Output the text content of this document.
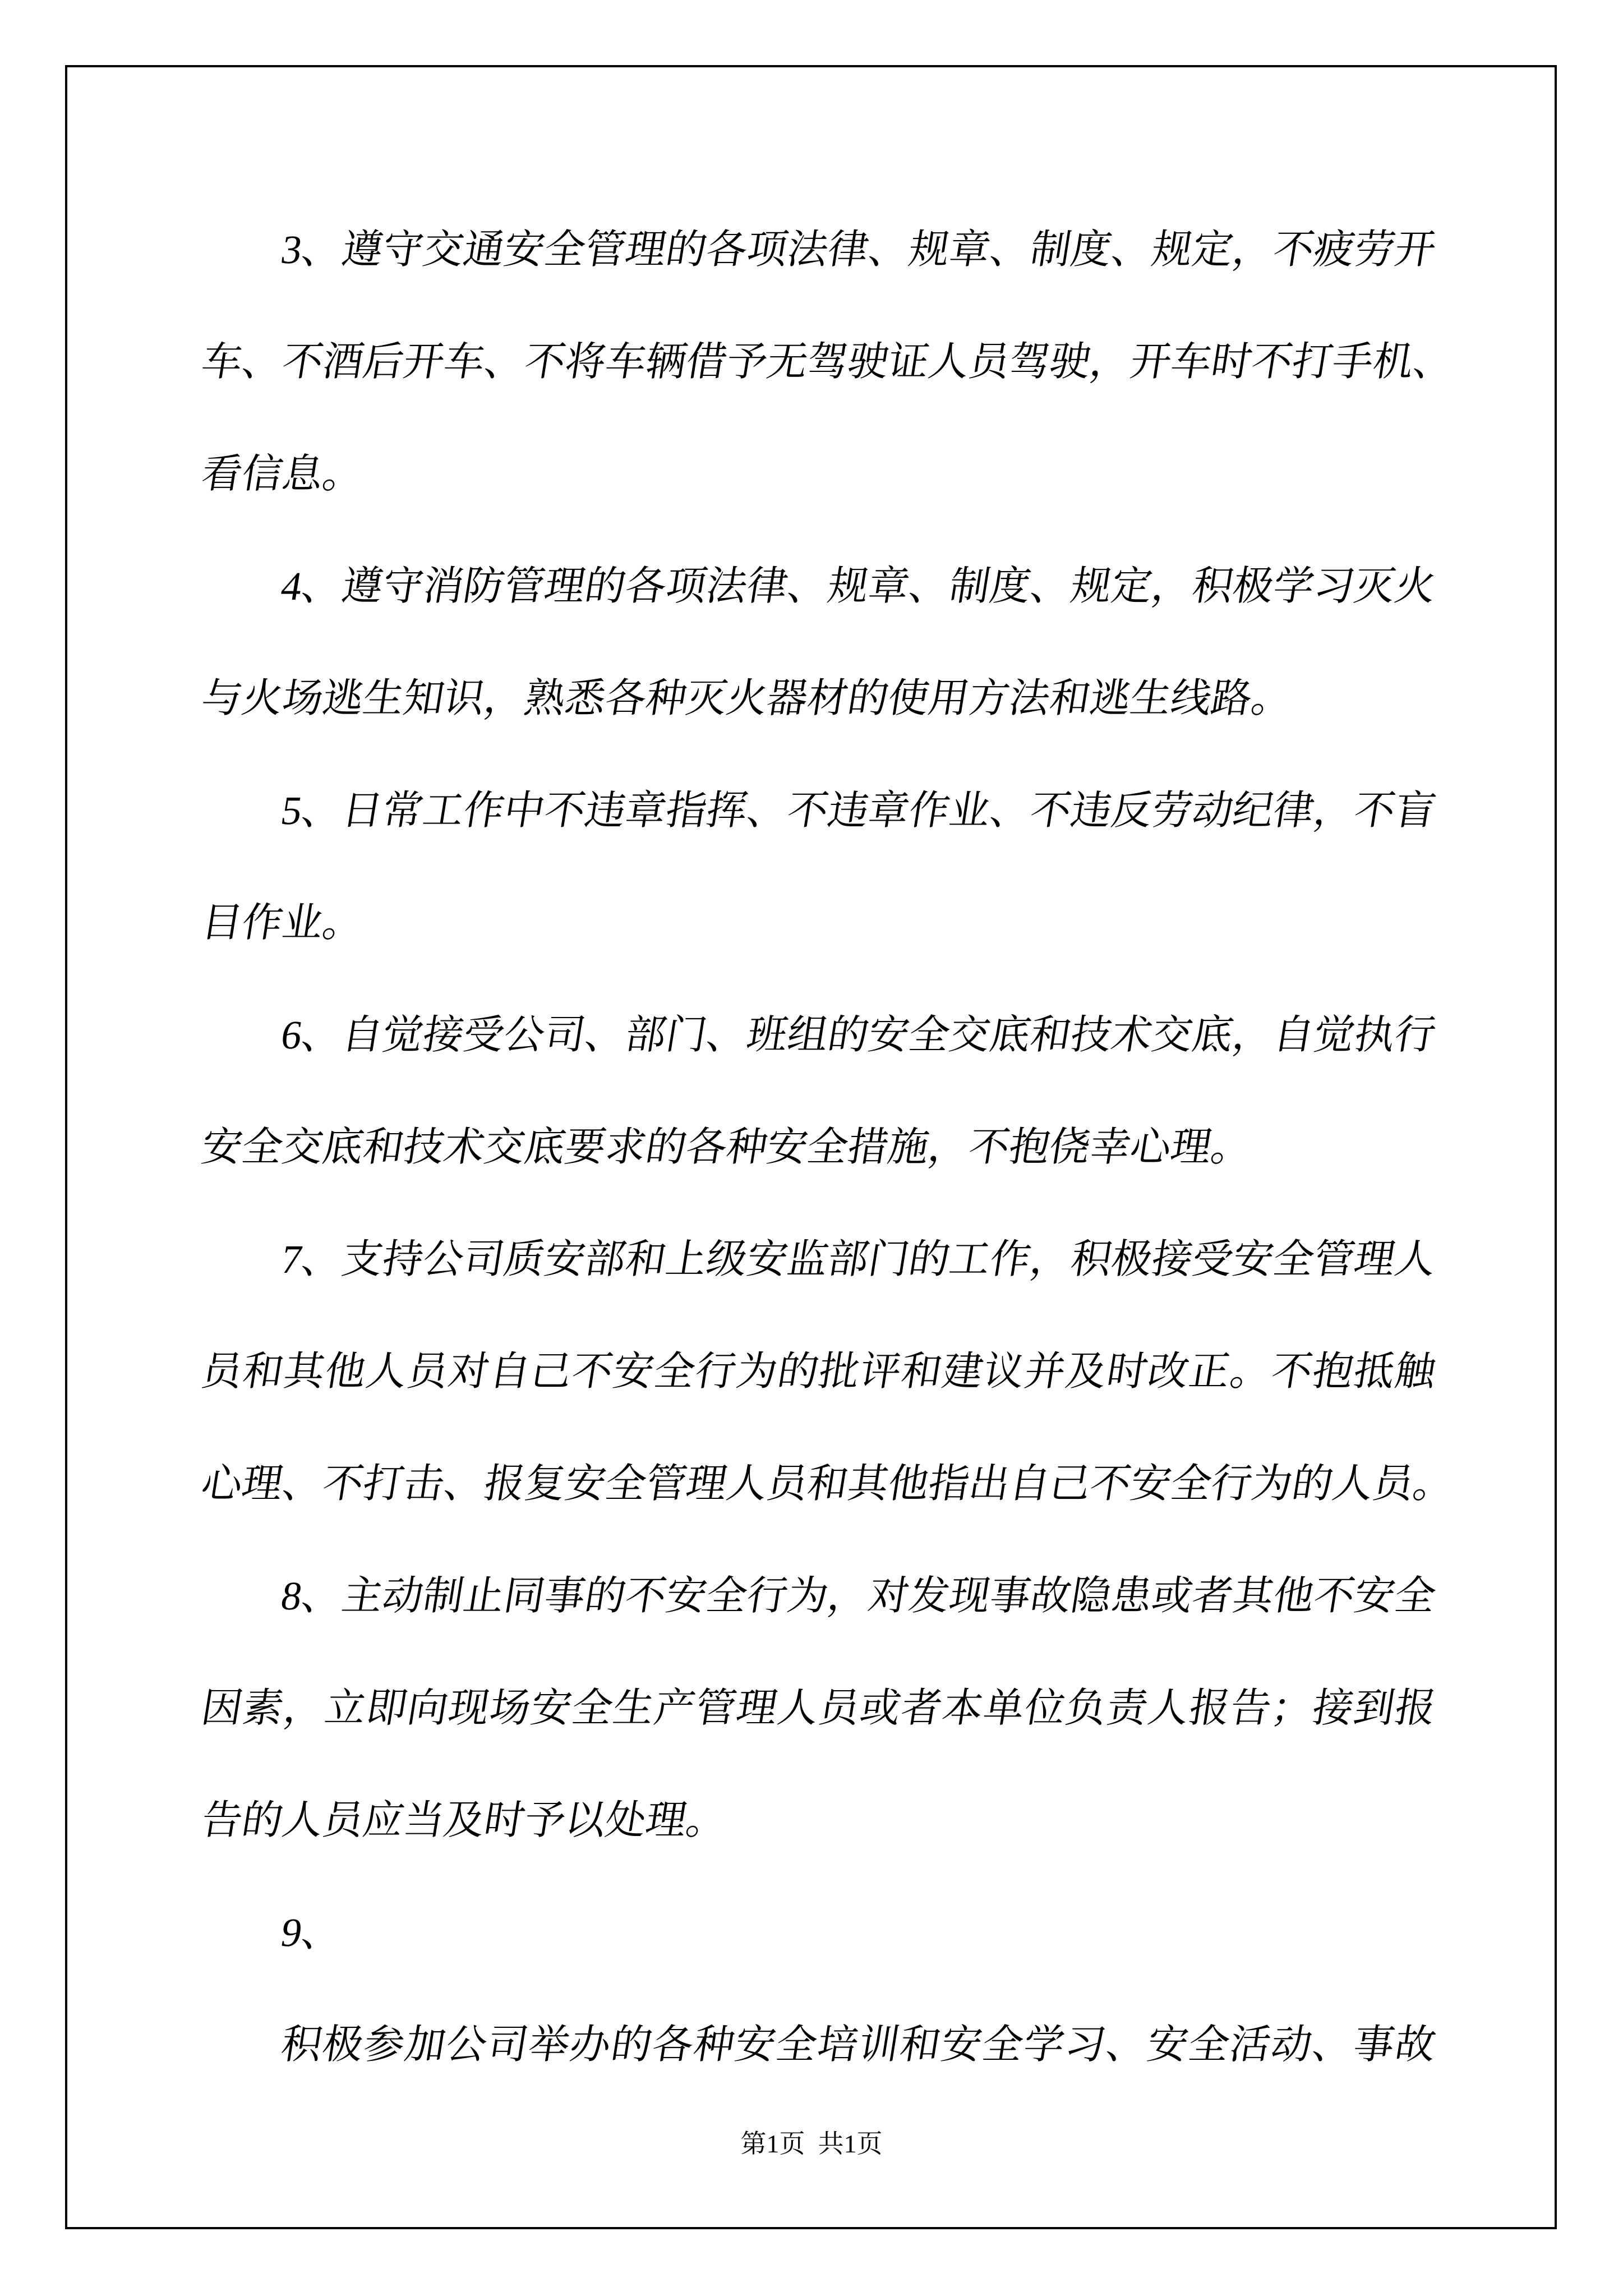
3
、
遵
守
交
通
安
全
管
理
的
各
项
法
律
、
规
章
、
制
度
、
规
定
，
不
疲
劳
开
车
、
不
酒
后
开
车
、
不
将
车
辆
借
予
无
驾
驶
证
人
员
驾
驶
，
开
车
时
不
打
手
机
、
看信息。
4
、
遵
守
消
防
管
理
的
各
项
法
律
、
规
章
、
制
度
、
规
定
，
积
极
学
习
灭
火
与火场逃生知识，熟悉各种灭火器材的使用方法和逃生线路。
5
、
日
常
工
作
中
不
违
章
指
挥
、
不
违
章
作
业
、
不
违
反
劳
动
纪
律
，
不
盲
目作业。
6
、
自
觉
接
受
公
司
、
部
门
、
班
组
的
安
全
交
底
和
技
术
交
底
，
自
觉
执
行
安全交底和技术交底要求的各种安全措施，不抱侥幸心理。
7
、
支
持
公
司
质
安
部
和
上
级
安
监
部
门
的
工
作
，
积
极
接
受
安
全
管
理
人
员
和
其
他
人
员
对
自
己
不
安
全
行
为
的
批
评
和
建
议
并
及
时
改
正
。
不
抱
抵
触
心
理
、
不
打
击
、
报
复
安
全
管
理
人
员
和
其
他
指
出
自
己
不
安
全
行
为
的
人
员
。
8
、
主
动
制
止
同
事
的
不
安
全
行
为
，
对
发
现
事
故
隐
患
或
者
其
他
不
安
全
因
素
，
立
即
向
现
场
安
全
生
产
管
理
人
员
或
者
本
单
位
负
责
人
报
告
；
接
到
报
告的人员应当及时予以处理。
9、
积
极
参
加
公
司
举
办
的
各
种
安
全
培
训
和
安
全
学
习
、
安
全
活
动
、
事
故
第1页  共1页
